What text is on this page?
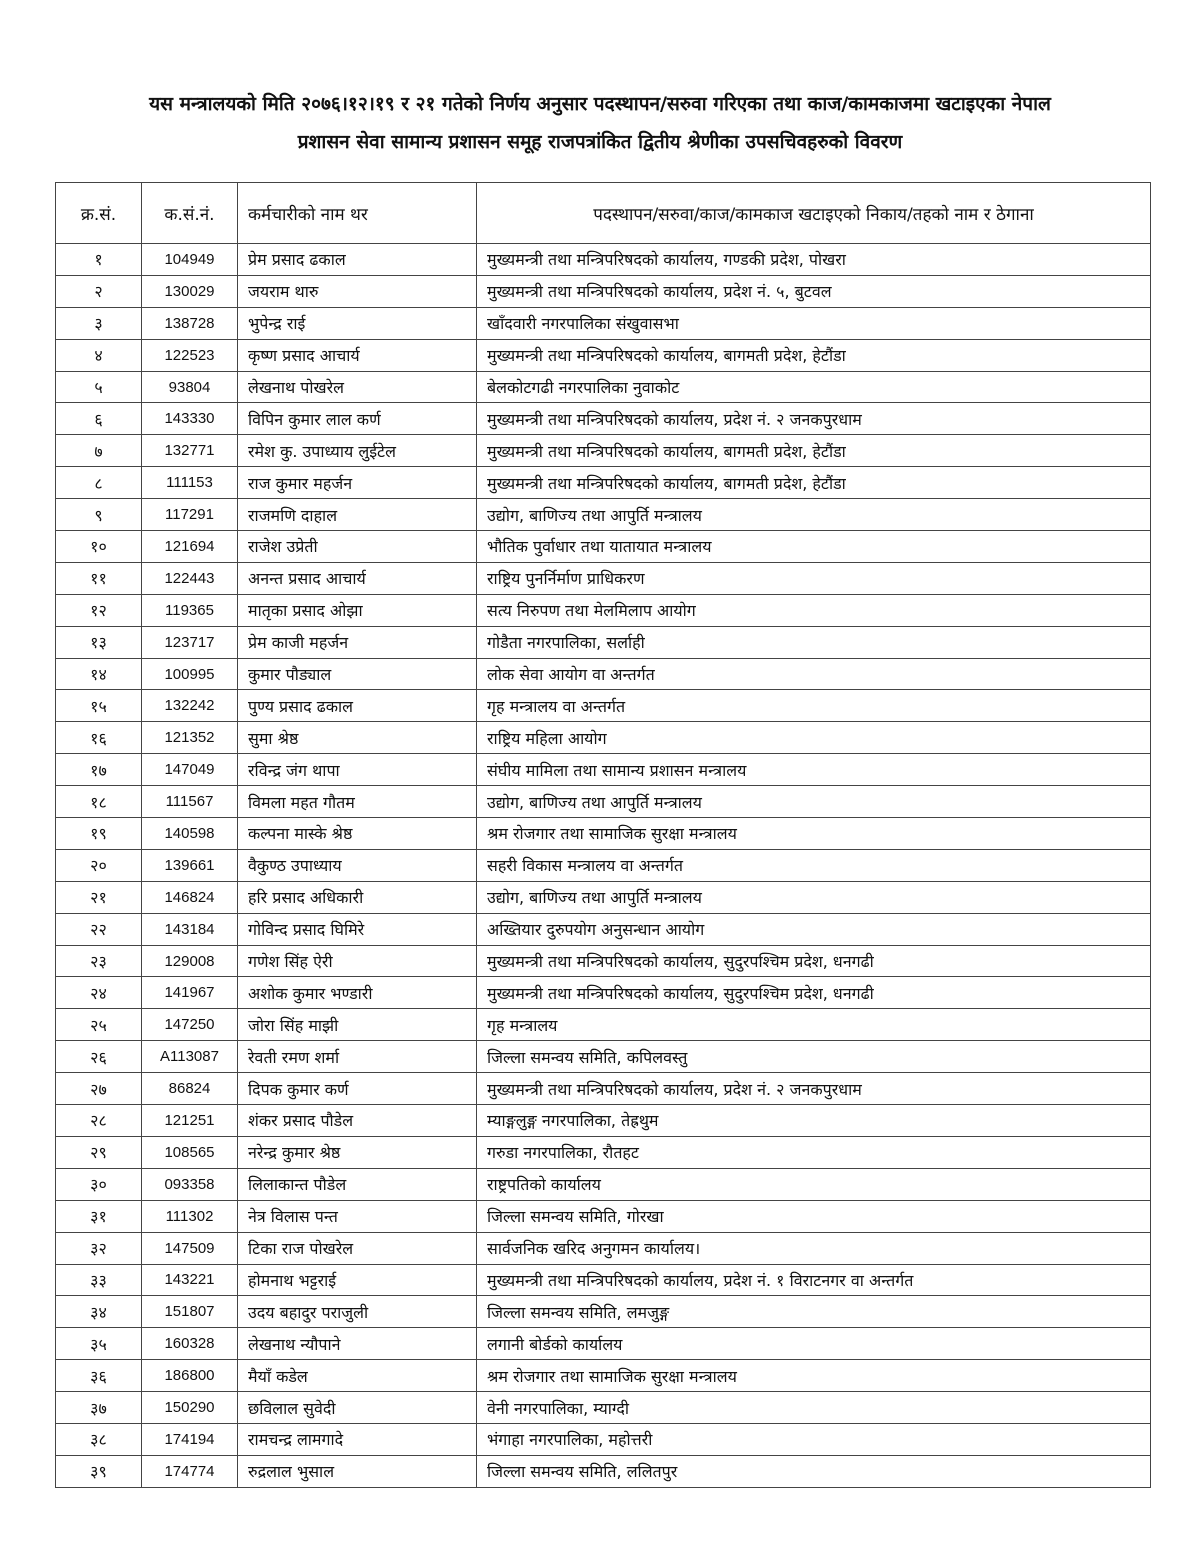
यस मन्त्रालयको मिति २०७६।१२।१९ र २१ गतेको निर्णय अनुसार पदस्थापन/सरुवा गरिएका तथा काज/कामकाजमा खटाइएका नेपाल

प्रशासन सेवा सामान्य प्रशासन समूह राजपत्रांकित द्वितीय श्रेणीका उपसचिवहरुको विवरण

क्र.सं.	क.सं.नं.	कर्मचारीको नाम थर	पदस्थापन/सरुवा/काज/कामकाज खटाइएको निकाय/तहको नाम र ठेगाना
१	104949	प्रेम प्रसाद ढकाल	मुख्यमन्त्री तथा मन्त्रिपरिषदको कार्यालय, गण्डकी प्रदेश, पोखरा
२	130029	जयराम थारु	मुख्यमन्त्री तथा मन्त्रिपरिषदको कार्यालय, प्रदेश नं. ५, बुटवल
३	138728	भुपेन्द्र राई	खाँदवारी नगरपालिका संखुवासभा
४	122523	कृष्ण प्रसाद आचार्य	मुख्यमन्त्री तथा मन्त्रिपरिषदको कार्यालय, बागमती प्रदेश, हेटौंडा
५	93804	लेखनाथ पोखरेल	बेलकोटगढी नगरपालिका नुवाकोट
६	143330	विपिन कुमार लाल कर्ण	मुख्यमन्त्री तथा मन्त्रिपरिषदको कार्यालय, प्रदेश नं. २ जनकपुरधाम
७	132771	रमेश कु. उपाध्याय लुईटेल	मुख्यमन्त्री तथा मन्त्रिपरिषदको कार्यालय, बागमती प्रदेश, हेटौंडा
८	111153	राज कुमार महर्जन	मुख्यमन्त्री तथा मन्त्रिपरिषदको कार्यालय, बागमती प्रदेश, हेटौंडा
९	117291	राजमणि दाहाल	उद्योग, बाणिज्य तथा आपुर्ति मन्त्रालय
१०	121694	राजेश उप्रेती	भौतिक पुर्वाधार तथा यातायात मन्त्रालय
११	122443	अनन्त प्रसाद आचार्य	राष्ट्रिय पुनर्निर्माण प्राधिकरण
१२	119365	मातृका प्रसाद ओझा	सत्य निरुपण तथा मेलमिलाप आयोग
१३	123717	प्रेम काजी महर्जन	गोडैता नगरपालिका, सर्लाही
१४	100995	कुमार पौड्याल	लोक सेवा आयोग वा अन्तर्गत
१५	132242	पुण्य प्रसाद ढकाल	गृह मन्त्रालय वा अन्तर्गत
१६	121352	सुमा श्रेष्ठ	राष्ट्रिय महिला आयोग
१७	147049	रविन्द्र जंग थापा	संघीय मामिला तथा सामान्य प्रशासन मन्त्रालय
१८	111567	विमला महत गौतम	उद्योग, बाणिज्य तथा आपुर्ति मन्त्रालय
१९	140598	कल्पना मास्के श्रेष्ठ	श्रम रोजगार तथा सामाजिक सुरक्षा मन्त्रालय
२०	139661	वैकुण्ठ उपाध्याय	सहरी विकास मन्त्रालय वा अन्तर्गत
२१	146824	हरि प्रसाद अधिकारी	उद्योग, बाणिज्य तथा आपुर्ति मन्त्रालय
२२	143184	गोविन्द प्रसाद घिमिरे	अख्तियार दुरुपयोग अनुसन्धान आयोग
२३	129008	गणेश सिंह ऐरी	मुख्यमन्त्री तथा मन्त्रिपरिषदको कार्यालय, सुदुरपश्चिम प्रदेश, धनगढी
२४	141967	अशोक कुमार भण्डारी	मुख्यमन्त्री तथा मन्त्रिपरिषदको कार्यालय, सुदुरपश्चिम प्रदेश, धनगढी
२५	147250	जोरा सिंह माझी	गृह मन्त्रालय
२६	A113087	रेवती रमण शर्मा	जिल्ला समन्वय समिति, कपिलवस्तु
२७	86824	दिपक कुमार कर्ण	मुख्यमन्त्री तथा मन्त्रिपरिषदको कार्यालय, प्रदेश नं. २ जनकपुरधाम
२८	121251	शंकर प्रसाद पौडेल	म्याङ्गलुङ्ग नगरपालिका, तेह्रथुम
२९	108565	नरेन्द्र कुमार श्रेष्ठ	गरुडा नगरपालिका, रौतहट
३०	093358	लिलाकान्त पौडेल	राष्ट्रपतिको कार्यालय
३१	111302	नेत्र विलास पन्त	जिल्ला समन्वय समिति, गोरखा
३२	147509	टिका राज पोखरेल	सार्वजनिक खरिद अनुगमन कार्यालय।
३३	143221	होमनाथ भट्टराई	मुख्यमन्त्री तथा मन्त्रिपरिषदको कार्यालय, प्रदेश नं. १ विराटनगर वा अन्तर्गत
३४	151807	उदय बहादुर पराजुली	जिल्ला समन्वय समिति, लमजुङ्ग
३५	160328	लेखनाथ न्यौपाने	लगानी बोर्डको कार्यालय
३६	186800	मैयाँ कडेल	श्रम रोजगार तथा सामाजिक सुरक्षा मन्त्रालय
३७	150290	छविलाल सुवेदी	वेनी नगरपालिका, म्याग्दी
३८	174194	रामचन्द्र लामगादे	भंगाहा नगरपालिका, महोत्तरी
३९	174774	रुद्रलाल भुसाल	जिल्ला समन्वय समिति, ललितपुर
